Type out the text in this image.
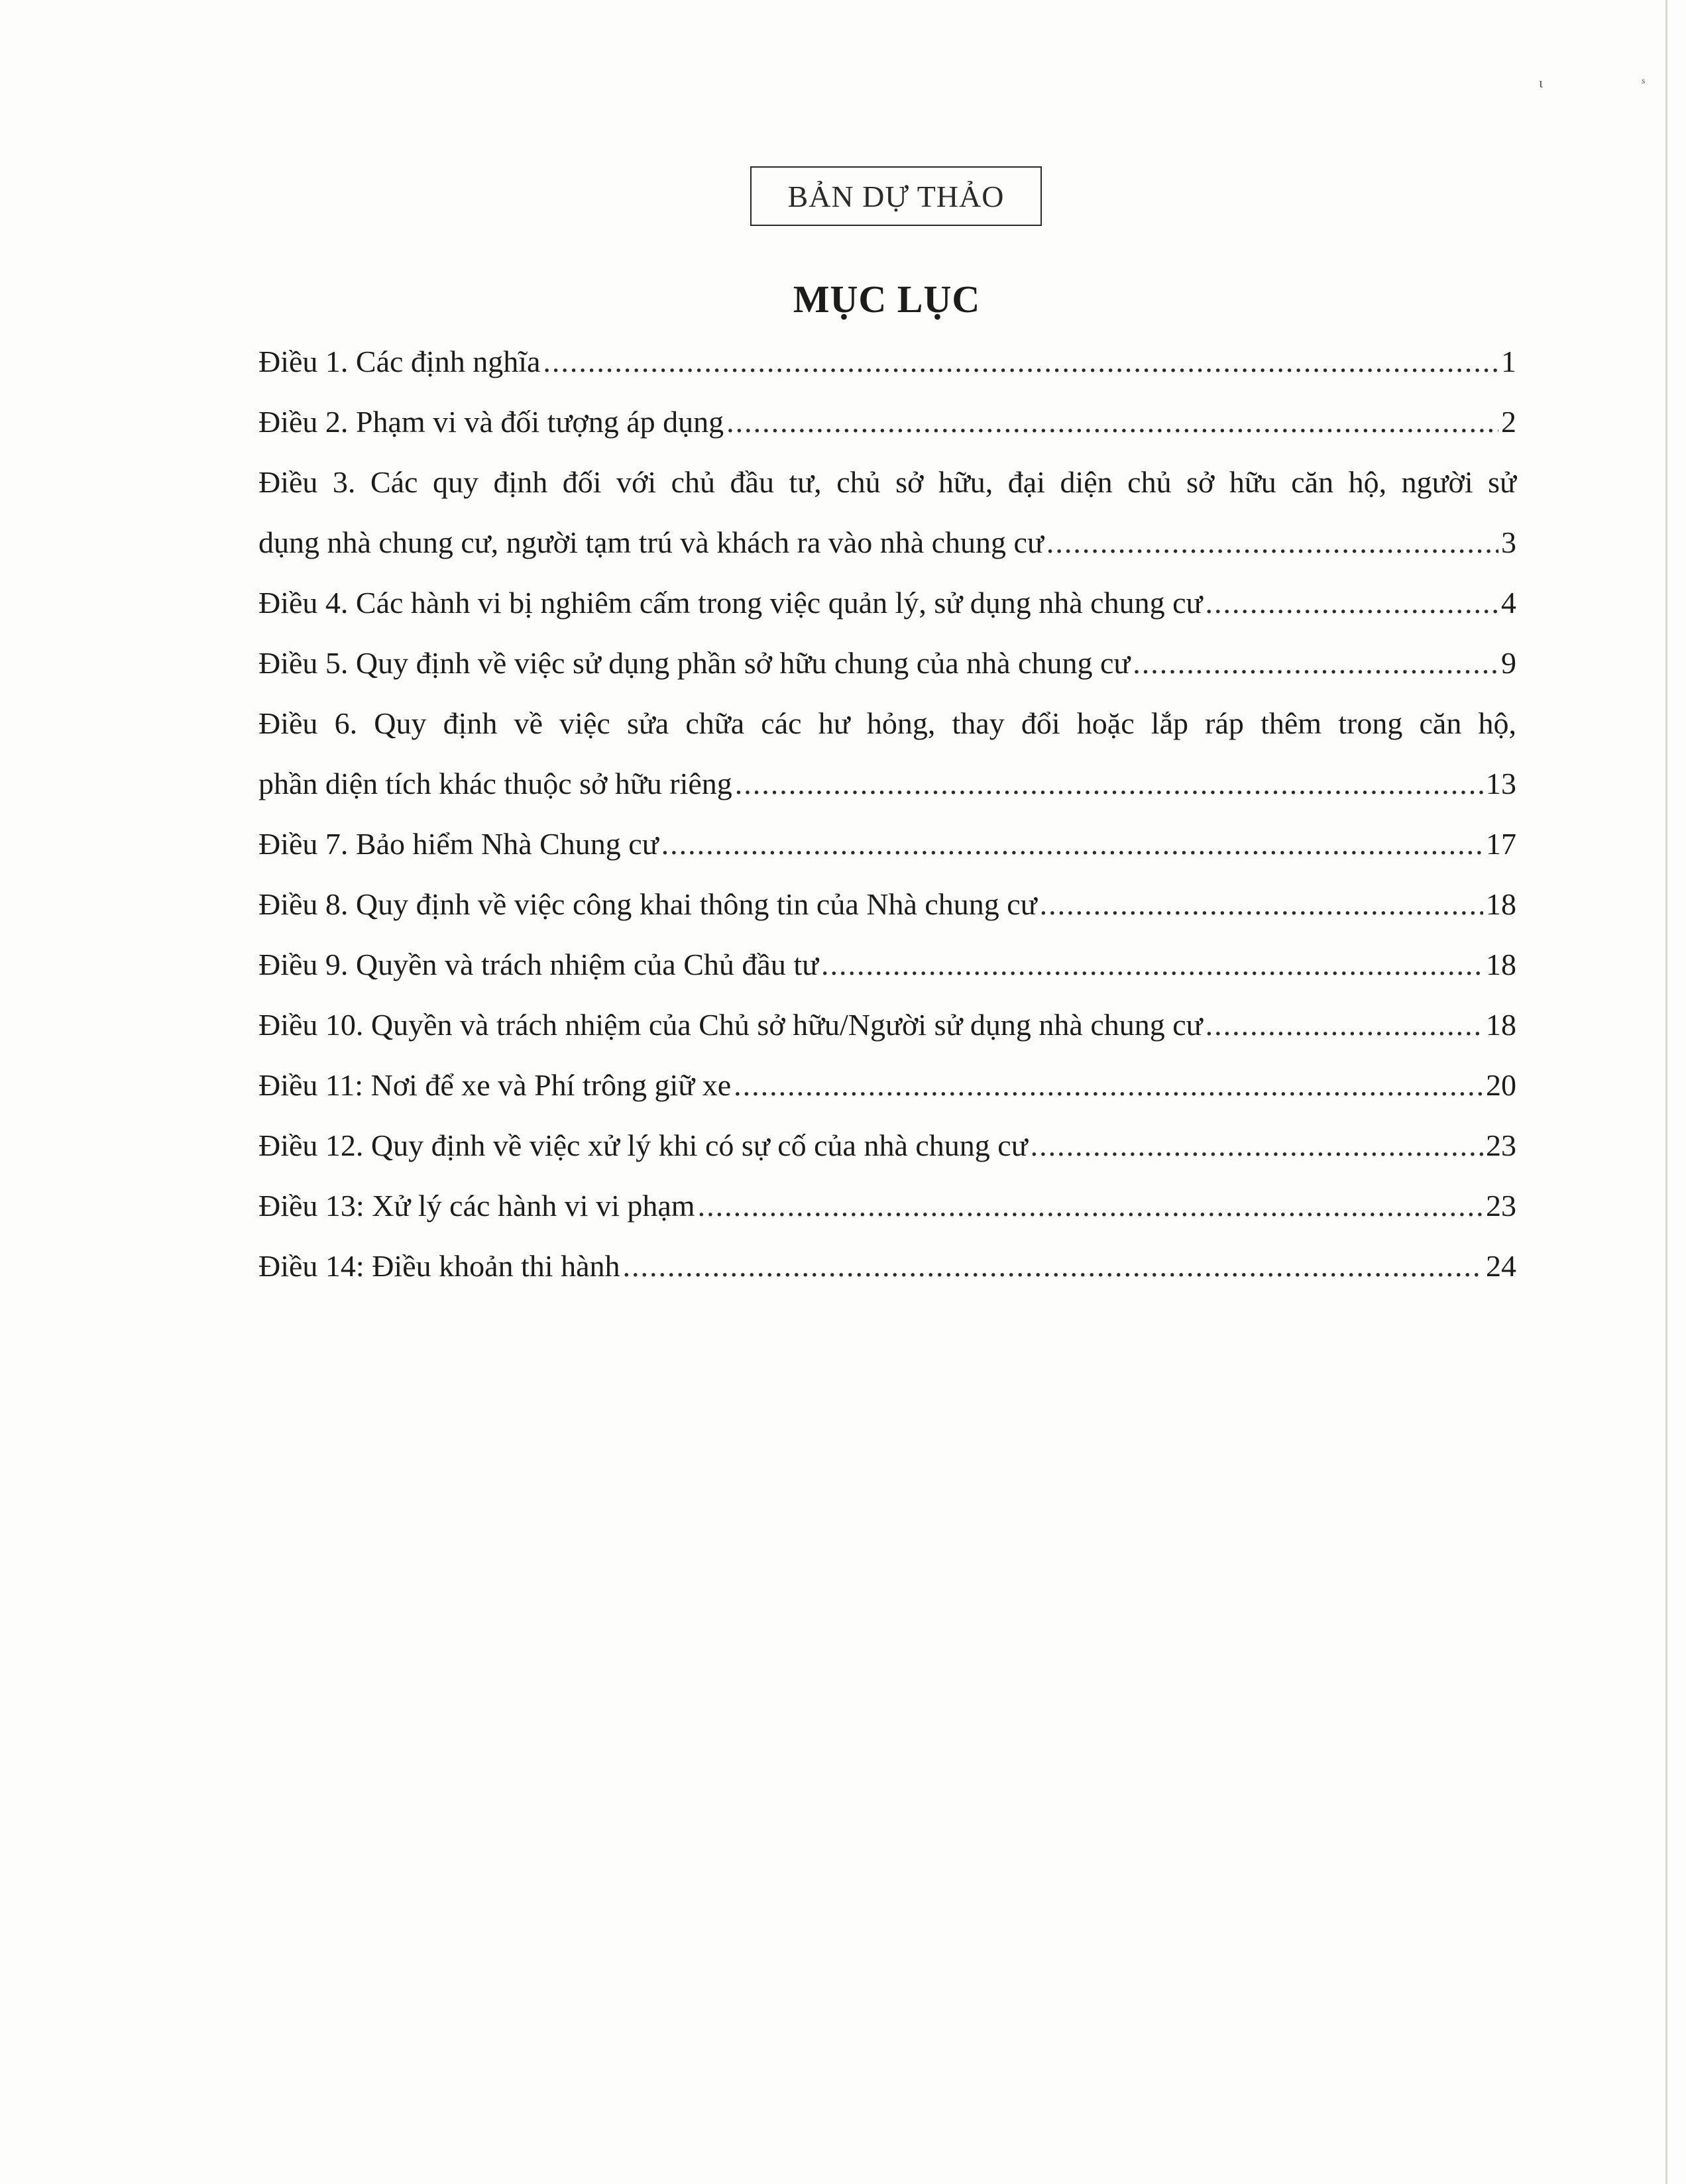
ɩ	ˢ
BẢN DỰ THẢO
MỤC LỤC
Điều 1. Các định nghĩa .....	1
Điều 2. Phạm vi và đối tượng áp dụng .....	2
Điều 3. Các quy định đối với chủ đầu tư, chủ sở hữu, đại diện chủ sở hữu căn hộ, người sử
dụng nhà chung cư, người tạm trú và khách ra vào nhà chung cư .....	3
Điều 4. Các hành vi bị nghiêm cấm trong việc quản lý, sử dụng nhà chung cư .....	4
Điều 5. Quy định về việc sử dụng phần sở hữu chung của nhà chung cư .....	9
Điều 6. Quy định về việc sửa chữa các hư hỏng, thay đổi hoặc lắp ráp thêm trong căn hộ,
phần diện tích khác thuộc sở hữu riêng .....	13
Điều 7. Bảo hiểm Nhà Chung cư .....	17
Điều 8. Quy định về việc công khai thông tin của Nhà chung cư .....	18
Điều 9. Quyền và trách nhiệm của Chủ đầu tư .....	18
Điều 10. Quyền và trách nhiệm của Chủ sở hữu/Người sử dụng nhà chung cư .....	18
Điều 11: Nơi để xe và Phí trông giữ xe .....	20
Điều 12. Quy định về việc xử lý khi có sự cố của nhà chung cư .....	23
Điều 13: Xử lý các hành vi vi phạm .....	23
Điều 14: Điều khoản thi hành .....	24
